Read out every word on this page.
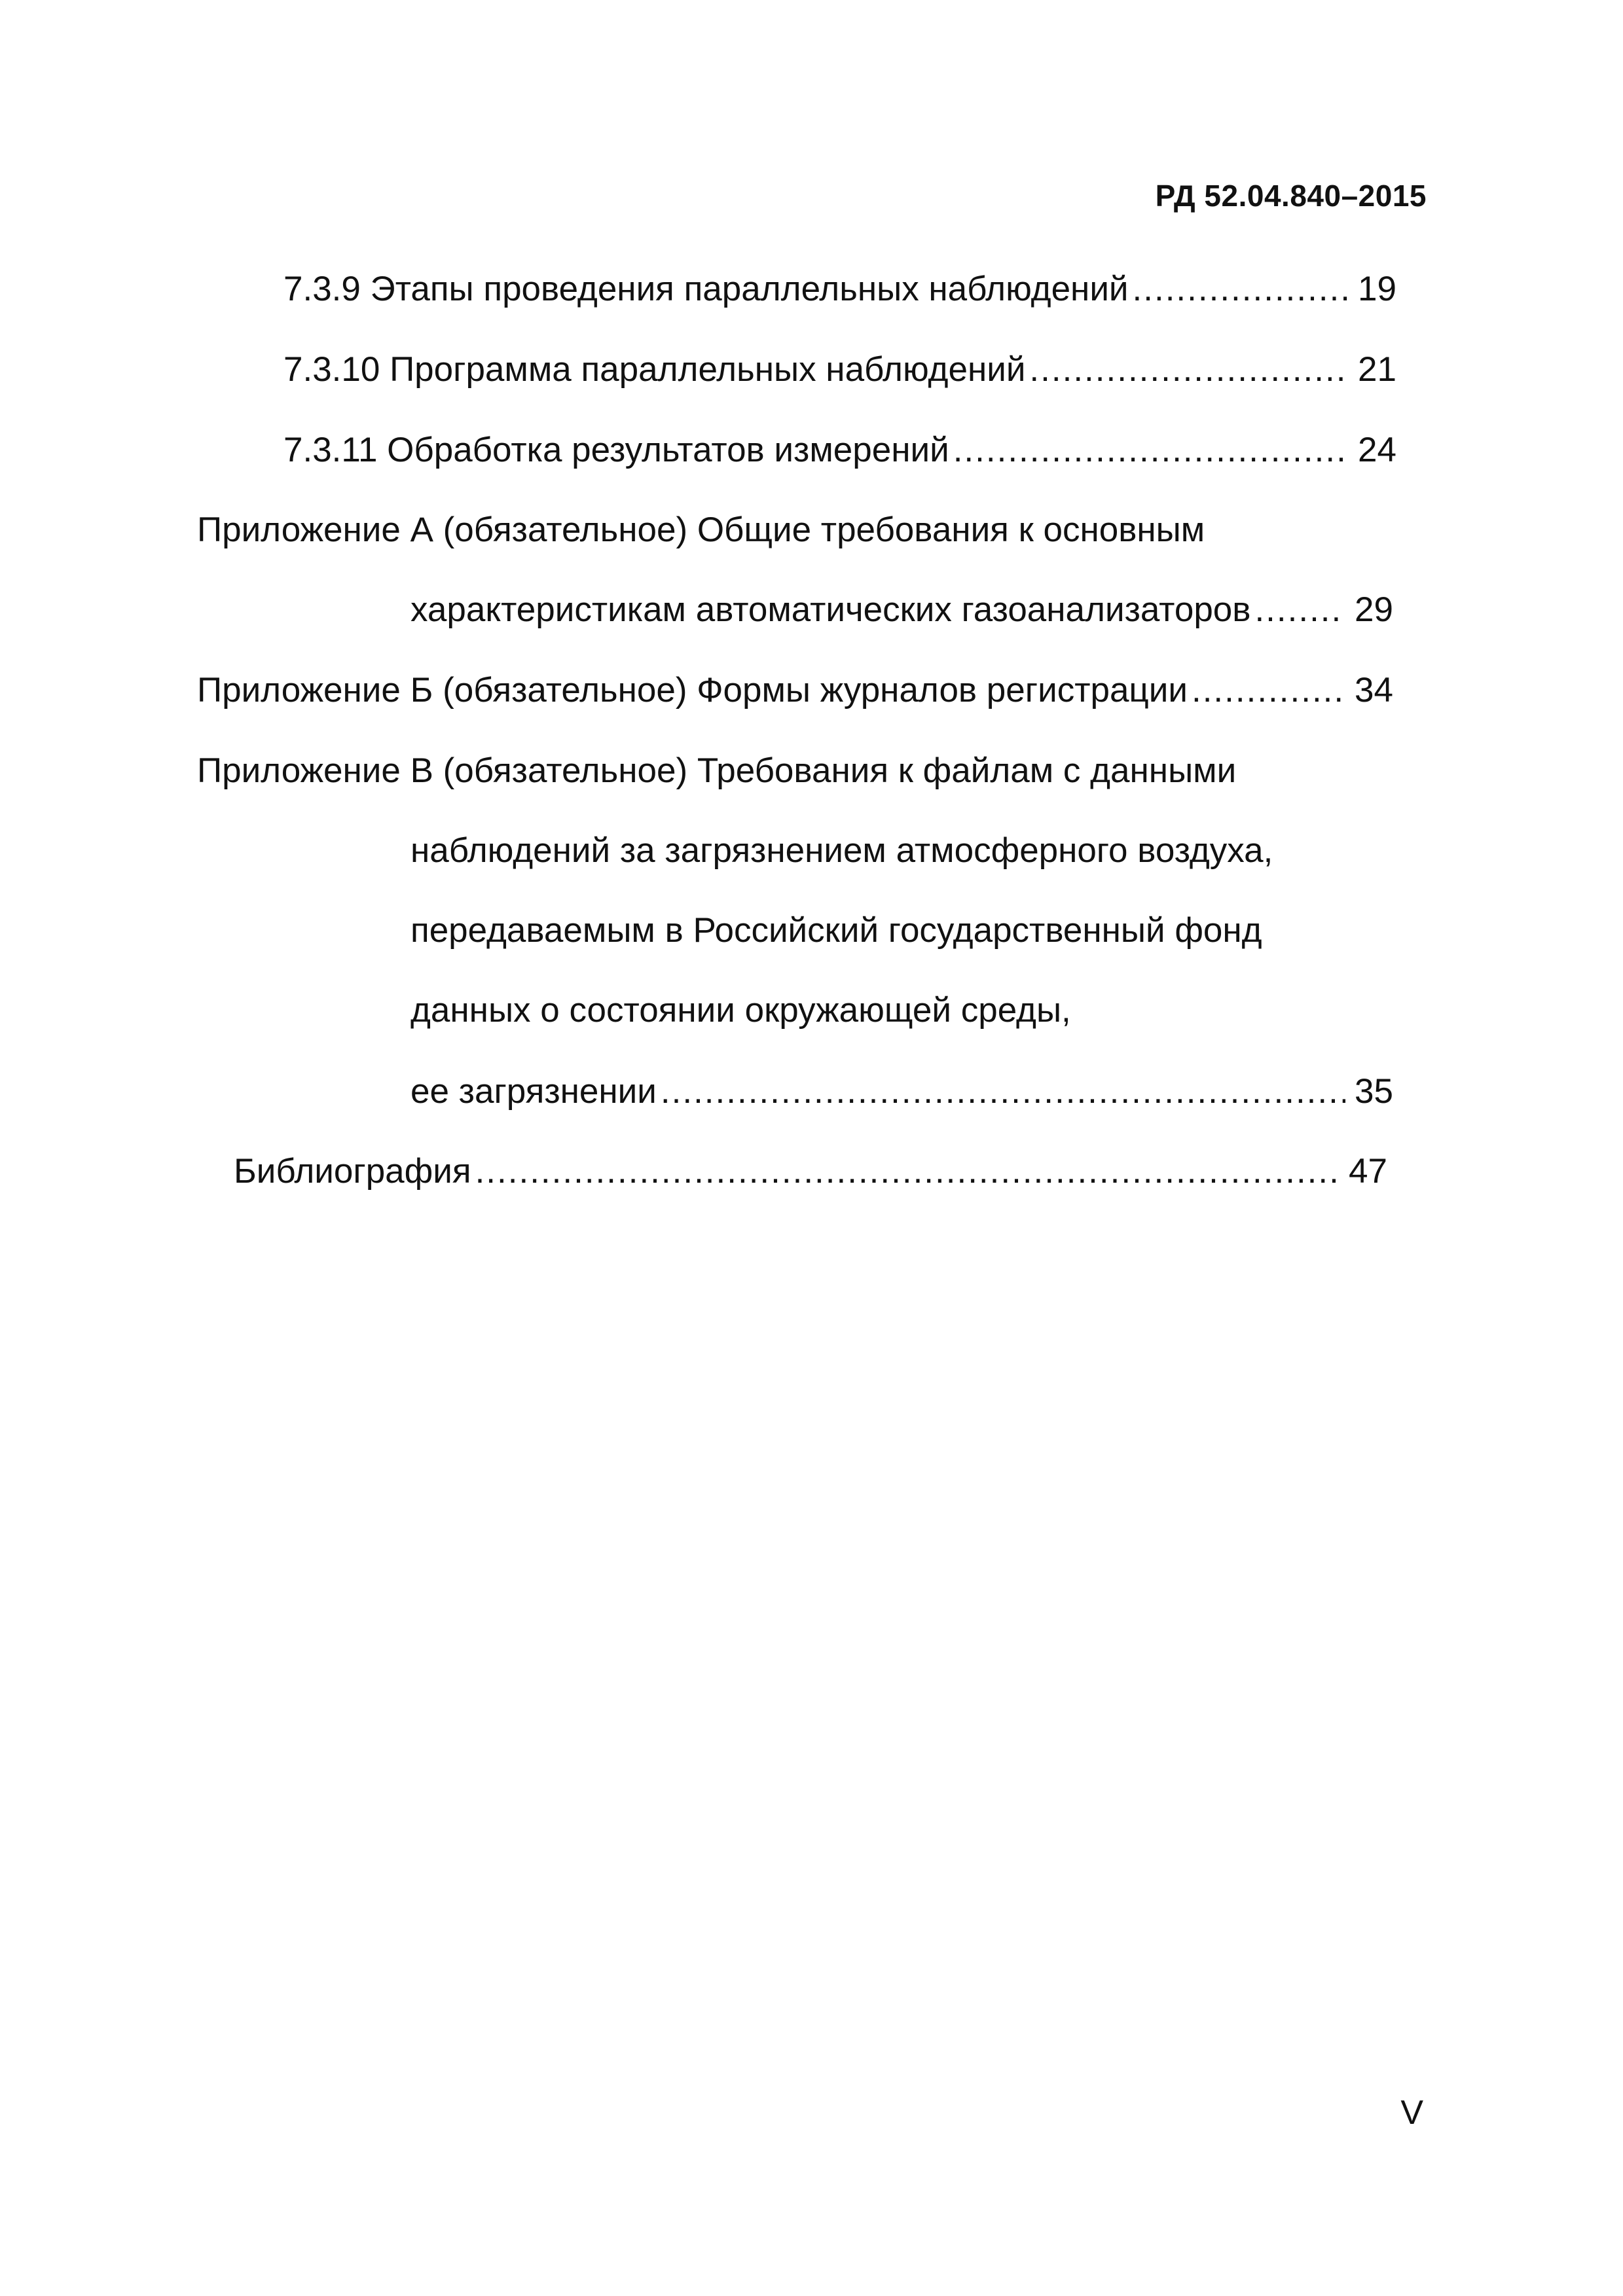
РД 52.04.840–2015
7.3.9 Этапы проведения параллельных наблюдений .....	19
7.3.10 Программа параллельных наблюдений .....	21
7.3.11 Обработка результатов измерений .....	24
Приложение А (обязательное) Общие требования к основным
характеристикам автоматических газоанализаторов .....	29
Приложение Б (обязательное) Формы журналов регистрации .....	34
Приложение В (обязательное) Требования к файлам с данными
наблюдений за загрязнением атмосферного воздуха,
передаваемым в Российский государственный фонд
данных о состоянии окружающей среды,
ее загрязнении .....	35
Библиография .....	47
V
